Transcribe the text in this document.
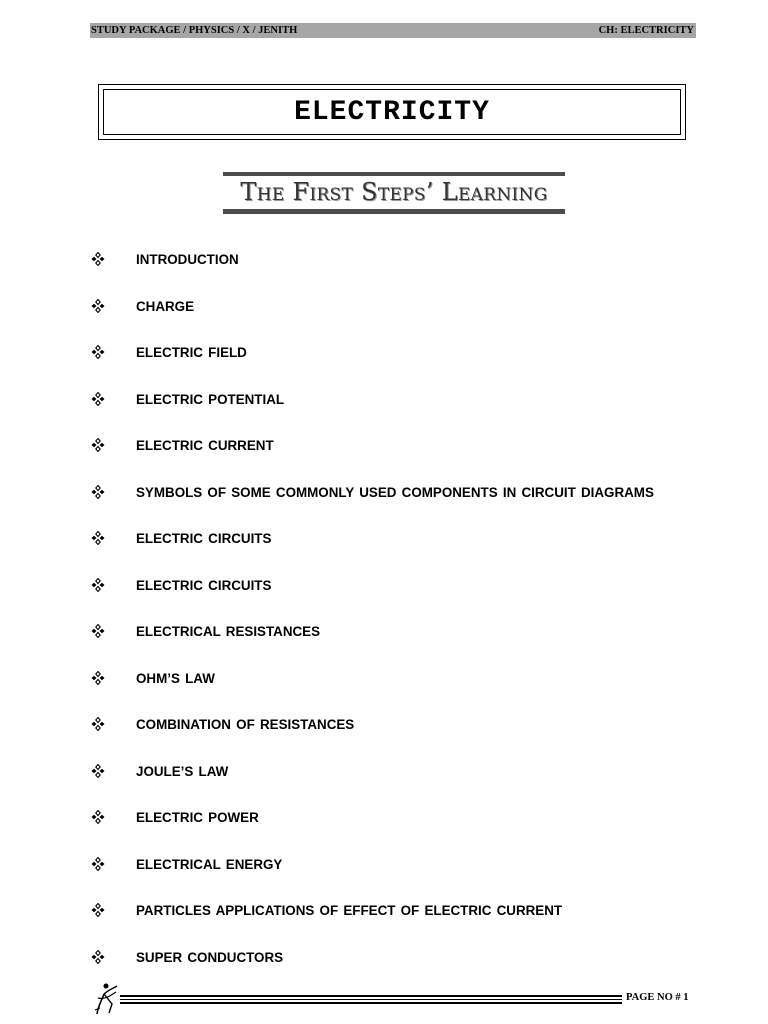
STUDY PACKAGE / PHYSICS / X / JENITH	CH: ELECTRICITY
ELECTRICITY
The First Steps’ Learning
INTRODUCTION
CHARGE
ELECTRIC FIELD
ELECTRIC POTENTIAL
ELECTRIC CURRENT
SYMBOLS OF SOME COMMONLY USED COMPONENTS IN CIRCUIT DIAGRAMS
ELECTRIC CIRCUITS
ELECTRIC CIRCUITS
ELECTRICAL RESISTANCES
OHM’S LAW
COMBINATION OF RESISTANCES
JOULE’S LAW
ELECTRIC POWER
ELECTRICAL ENERGY
PARTICLES APPLICATIONS OF EFFECT OF ELECTRIC CURRENT
SUPER CONDUCTORS
PAGE NO # 1
